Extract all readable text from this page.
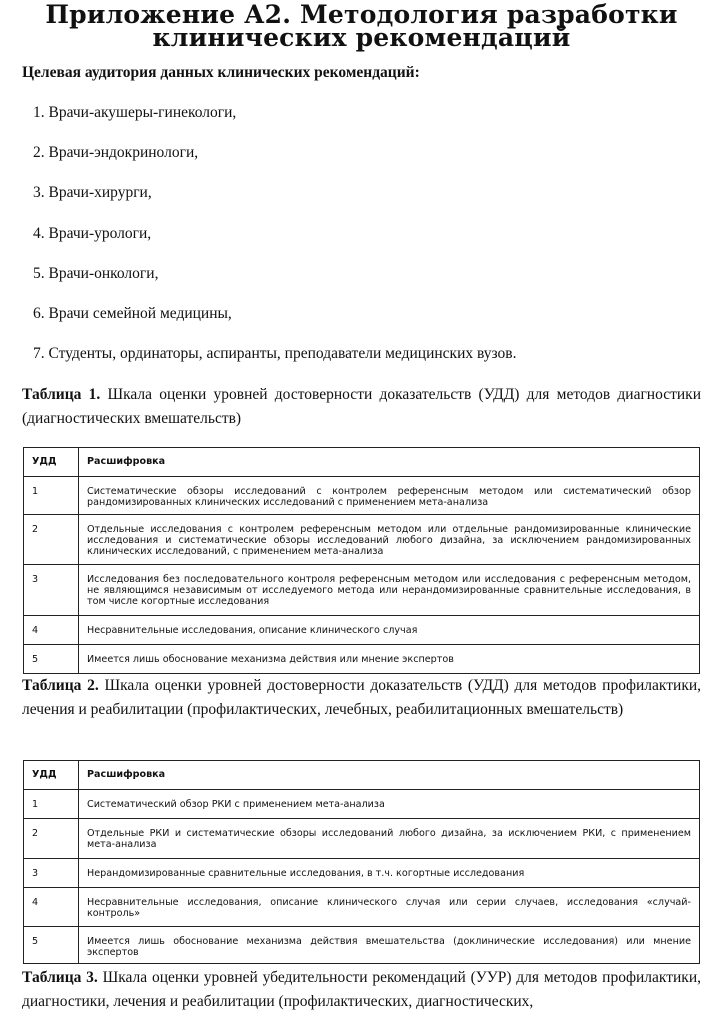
Приложение А2. Методология разработки клинических рекомендаций
Целевая аудитория данных клинических рекомендаций:
1. Врачи-акушеры-гинекологи,
2. Врачи-эндокринологи,
3. Врачи-хирурги,
4. Врачи-урологи,
5. Врачи-онкологи,
6. Врачи семейной медицины,
7. Студенты, ординаторы, аспиранты, преподаватели медицинских вузов.
Таблица 1. Шкала оценки уровней достоверности доказательств (УДД) для методов диагностики (диагностических вмешательств)
УДД	Расшифровка

1	Систематические обзоры исследований с контролем референсным методом или систематический обзор рандомизированных клинических исследований с применением мета-анализа

2	Отдельные исследования с контролем референсным методом или отдельные рандомизированные клинические исследования и систематические обзоры исследований любого дизайна, за исключением рандомизированных клинических исследований, с применением мета-анализа

3	Исследования без последовательного контроля референсным методом или исследования с референсным методом, не являющимся независимым от исследуемого метода или нерандомизированные сравнительные исследования, в том числе когортные исследования

4	Несравнительные исследования, описание клинического случая

5	Имеется лишь обоснование механизма действия или мнение экспертов
Таблица 2. Шкала оценки уровней достоверности доказательств (УДД) для методов профилактики, лечения и реабилитации (профилактических, лечебных, реабилитационных вмешательств)
УДД	Расшифровка

1	Систематический обзор РКИ с применением мета-анализа

2	Отдельные РКИ и систематические обзоры исследований любого дизайна, за исключением РКИ, с применением мета-анализа

3	Нерандомизированные сравнительные исследования, в т.ч. когортные исследования

4	Несравнительные исследования, описание клинического случая или серии случаев, исследования «случай-контроль»

5	Имеется лишь обоснование механизма действия вмешательства (доклинические исследования) или мнение экспертов
Таблица 3. Шкала оценки уровней убедительности рекомендаций (УУР) для методов профилактики, диагностики, лечения и реабилитации (профилактических, диагностических,
